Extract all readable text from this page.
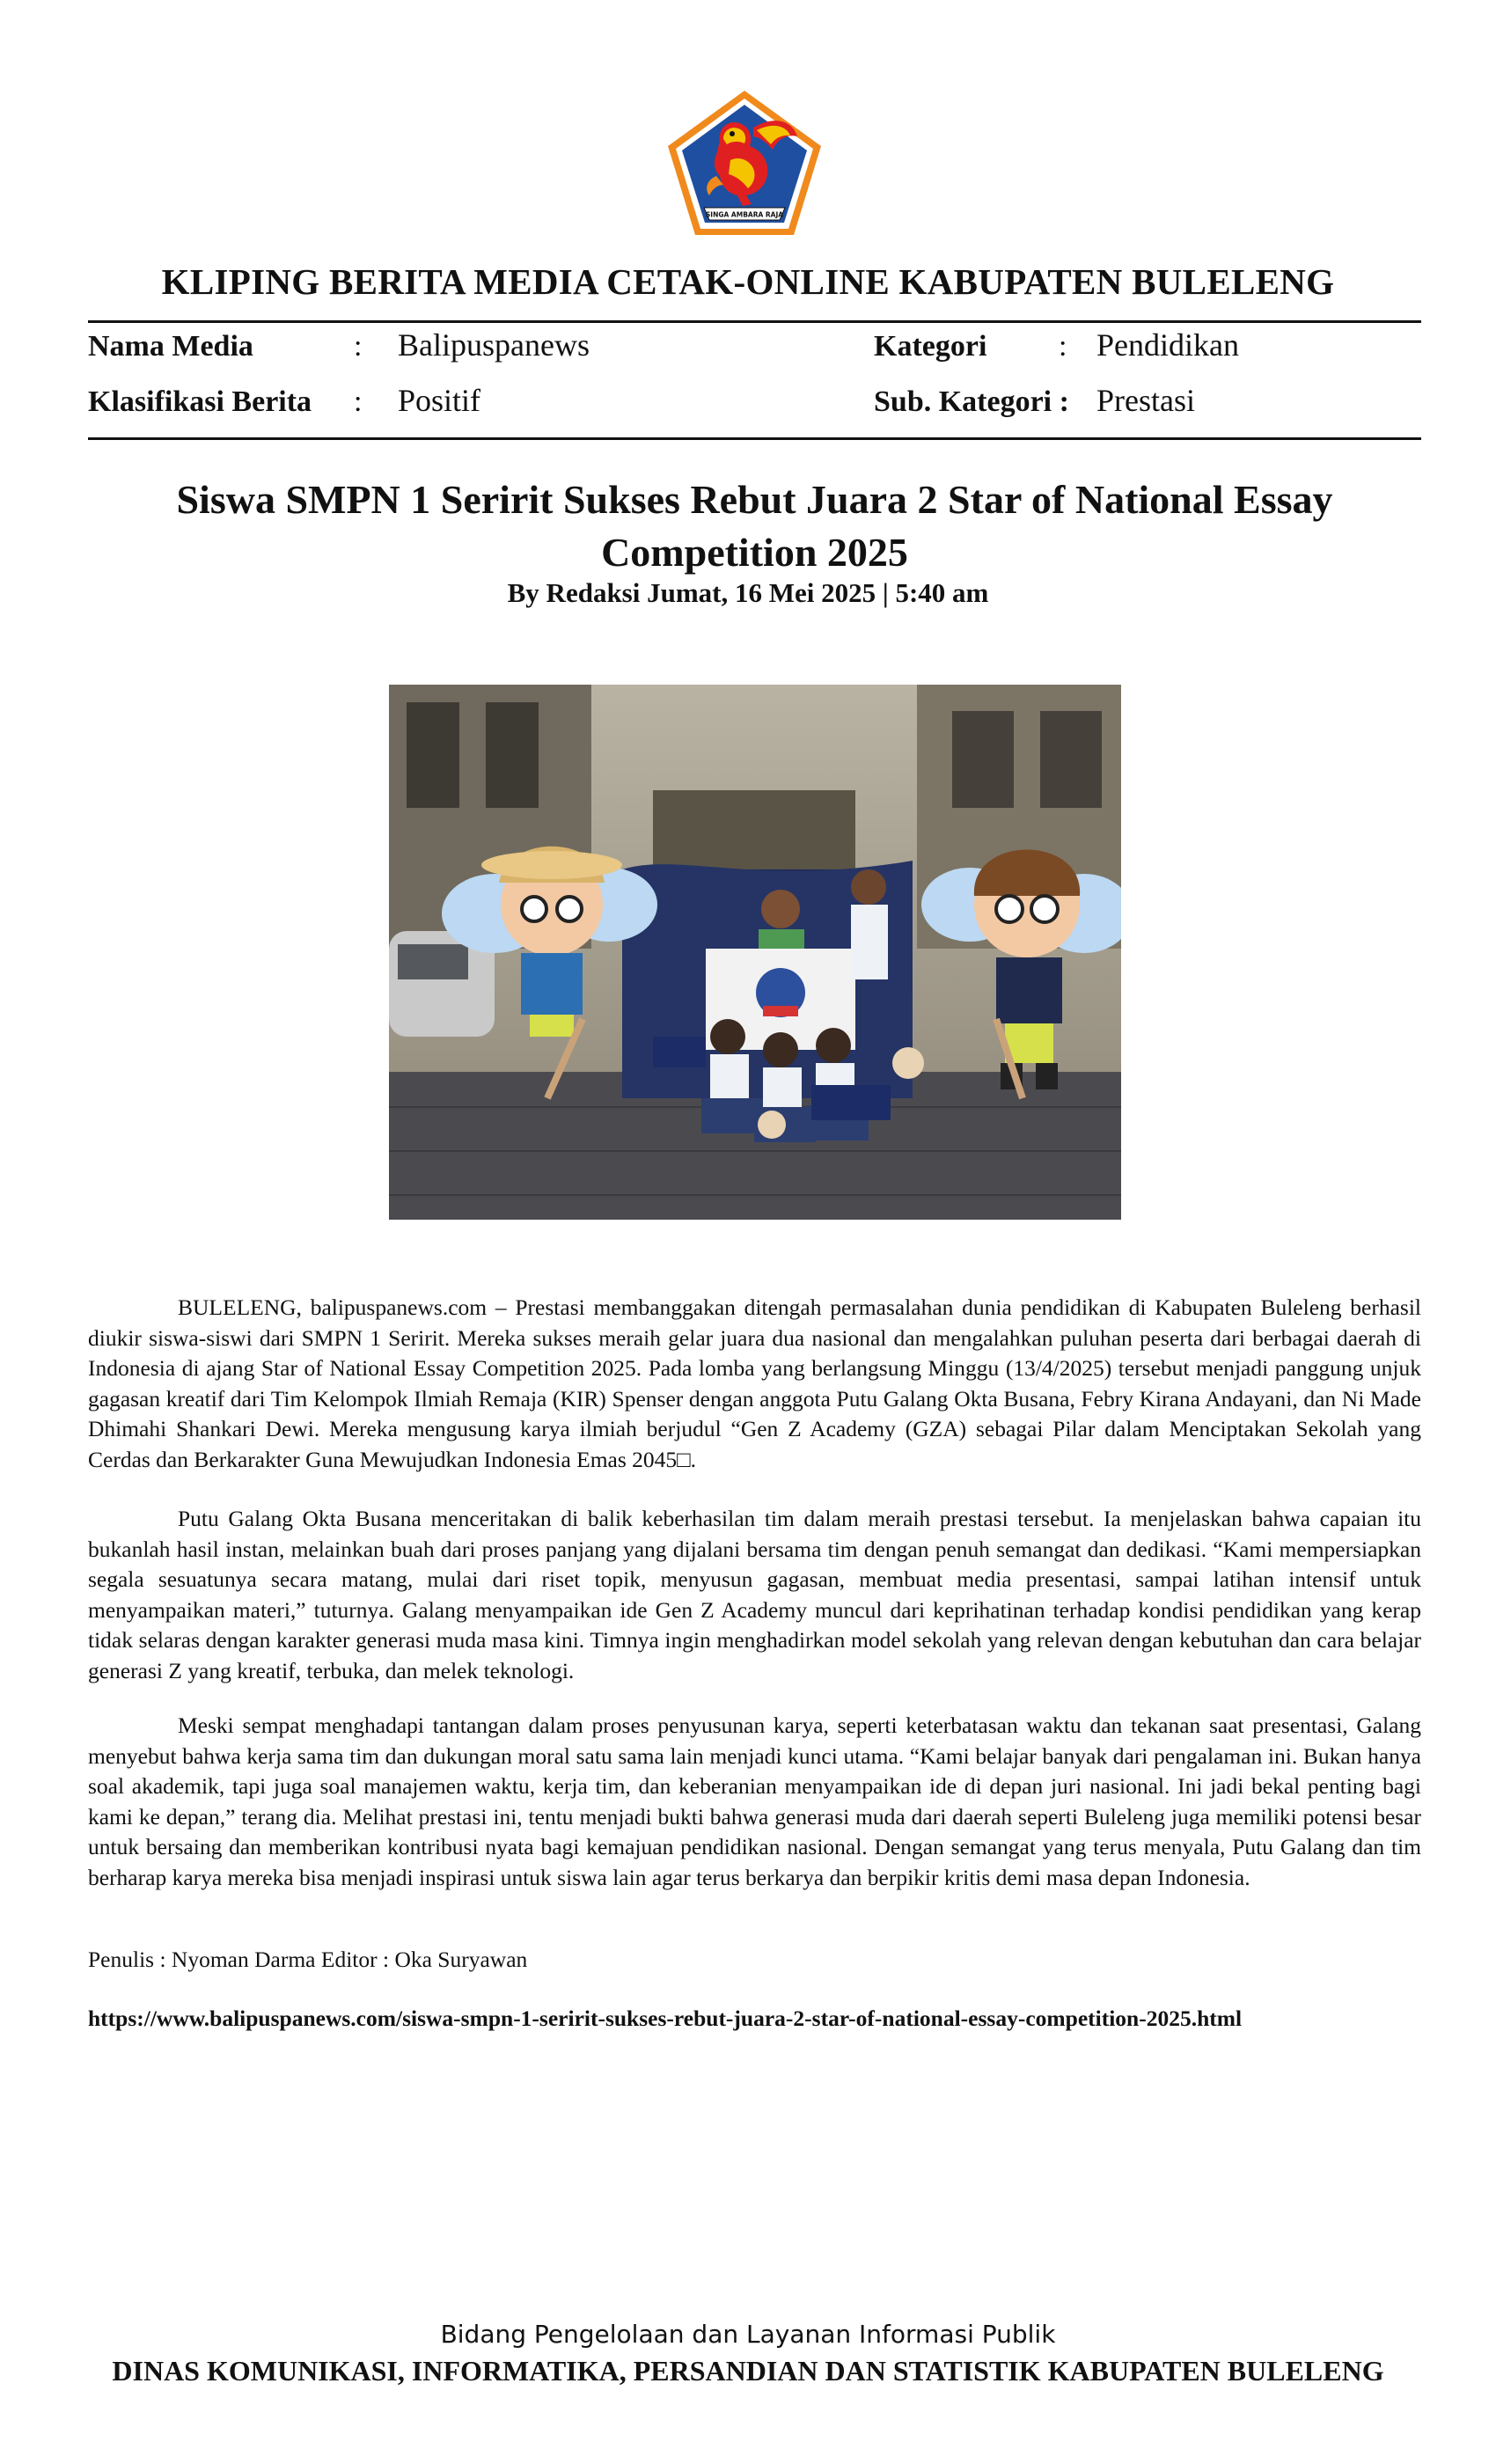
SINGA AMBARA RAJA
KLIPING BERITA MEDIA CETAK-ONLINE KABUPATEN BULELENG
Nama Media	: Balipuspanews	Kategori : Pendidikan
Klasifikasi Berita : Positif	Sub. Kategori : Prestasi
Siswa SMPN 1 Seririt Sukses Rebut Juara 2 Star of National Essay Competition 2025
By Redaksi Jumat, 16 Mei 2025 | 5:40 am

BULELENG, balipuspanews.com – Prestasi membanggakan ditengah permasalahan dunia pendidikan di Kabupaten Buleleng berhasil diukir siswa-siswi dari SMPN 1 Seririt. Mereka sukses meraih gelar juara dua nasional dan mengalahkan puluhan peserta dari berbagai daerah di Indonesia di ajang Star of National Essay Competition 2025. Pada lomba yang berlangsung Minggu (13/4/2025) tersebut menjadi panggung unjuk gagasan kreatif dari Tim Kelompok Ilmiah Remaja (KIR) Spenser dengan anggota Putu Galang Okta Busana, Febry Kirana Andayani, dan Ni Made Dhimahi Shankari Dewi. Mereka mengusung karya ilmiah berjudul “Gen Z Academy (GZA) sebagai Pilar dalam Menciptakan Sekolah yang Cerdas dan Berkarakter Guna Mewujudkan Indonesia Emas 2045□.

Putu Galang Okta Busana menceritakan di balik keberhasilan tim dalam meraih prestasi tersebut. Ia menjelaskan bahwa capaian itu bukanlah hasil instan, melainkan buah dari proses panjang yang dijalani bersama tim dengan penuh semangat dan dedikasi. “Kami mempersiapkan segala sesuatunya secara matang, mulai dari riset topik, menyusun gagasan, membuat media presentasi, sampai latihan intensif untuk menyampaikan materi,” tuturnya. Galang menyampaikan ide Gen Z Academy muncul dari keprihatinan terhadap kondisi pendidikan yang kerap tidak selaras dengan karakter generasi muda masa kini. Timnya ingin menghadirkan model sekolah yang relevan dengan kebutuhan dan cara belajar generasi Z yang kreatif, terbuka, dan melek teknologi.

Meski sempat menghadapi tantangan dalam proses penyusunan karya, seperti keterbatasan waktu dan tekanan saat presentasi, Galang menyebut bahwa kerja sama tim dan dukungan moral satu sama lain menjadi kunci utama. “Kami belajar banyak dari pengalaman ini. Bukan hanya soal akademik, tapi juga soal manajemen waktu, kerja tim, dan keberanian menyampaikan ide di depan juri nasional. Ini jadi bekal penting bagi kami ke depan,” terang dia. Melihat prestasi ini, tentu menjadi bukti bahwa generasi muda dari daerah seperti Buleleng juga memiliki potensi besar untuk bersaing dan memberikan kontribusi nyata bagi kemajuan pendidikan nasional. Dengan semangat yang terus menyala, Putu Galang dan tim berharap karya mereka bisa menjadi inspirasi untuk siswa lain agar terus berkarya dan berpikir kritis demi masa depan Indonesia.

Penulis : Nyoman Darma Editor : Oka Suryawan
https://www.balipuspanews.com/siswa-smpn-1-seririt-sukses-rebut-juara-2-star-of-national-essay-competition-2025.html
Bidang Pengelolaan dan Layanan Informasi Publik
DINAS KOMUNIKASI, INFORMATIKA, PERSANDIAN DAN STATISTIK KABUPATEN BULELENG
